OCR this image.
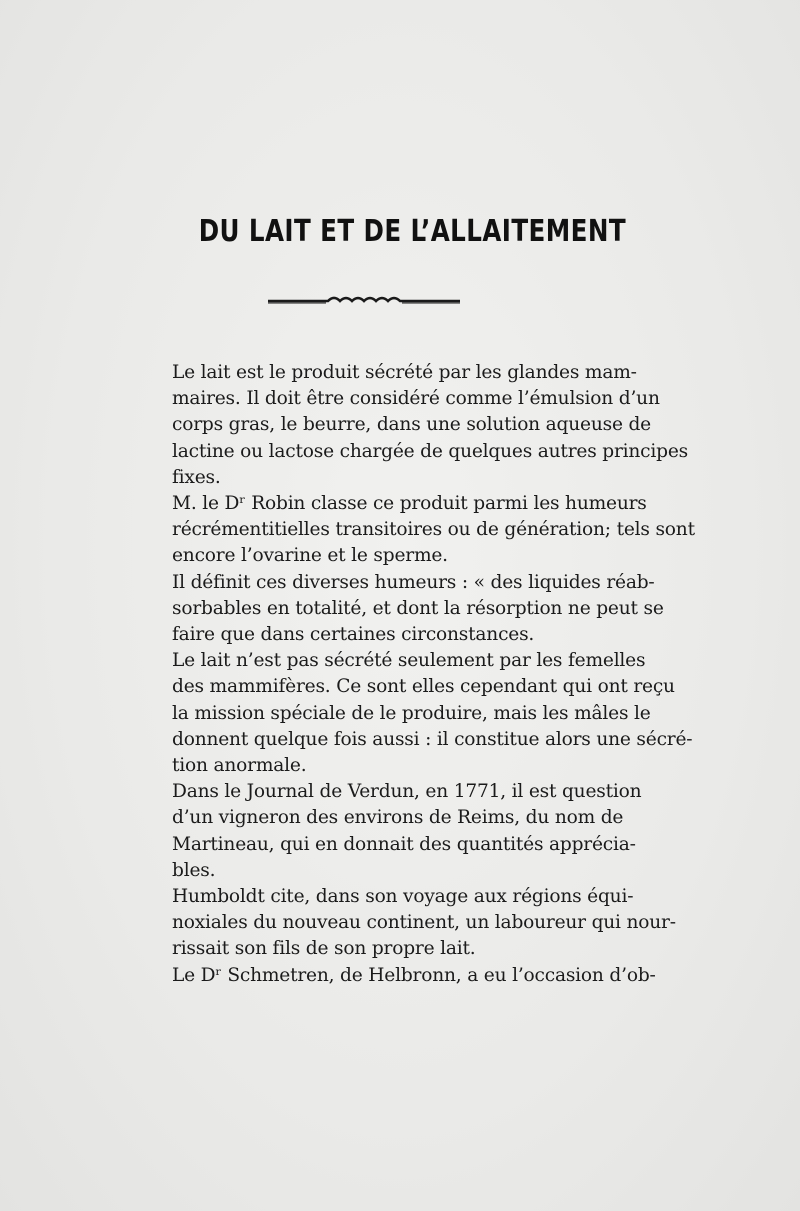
DU LAIT ET DE L’ALLAITEMENT
Le lait est le produit sécrété par les glandes mam-
maires. Il doit être considéré comme l’émulsion d’un
corps gras, le beurre, dans une solution aqueuse de
lactine ou lactose chargée de quelques autres principes
fixes.
M. le Dʳ Robin classe ce produit parmi les humeurs
récrémentitielles transitoires ou de génération; tels sont
encore l’ovarine et le sperme.
Il définit ces diverses humeurs : « des liquides réab-
sorbables en totalité, et dont la résorption ne peut se
faire que dans certaines circonstances.
Le lait n’est pas sécrété seulement par les femelles
des mammifères. Ce sont elles cependant qui ont reçu
la mission spéciale de le produire, mais les mâles le
donnent quelque fois aussi : il constitue alors une sécré-
tion anormale.
Dans le Journal de Verdun, en 1771, il est question
d’un vigneron des environs de Reims, du nom de
Martineau, qui en donnait des quantités apprécia-
bles.
Humboldt cite, dans son voyage aux régions équi-
noxiales du nouveau continent, un laboureur qui nour-
rissait son fils de son propre lait.
Le Dʳ Schmetren, de Helbronn, a eu l’occasion d’ob-
